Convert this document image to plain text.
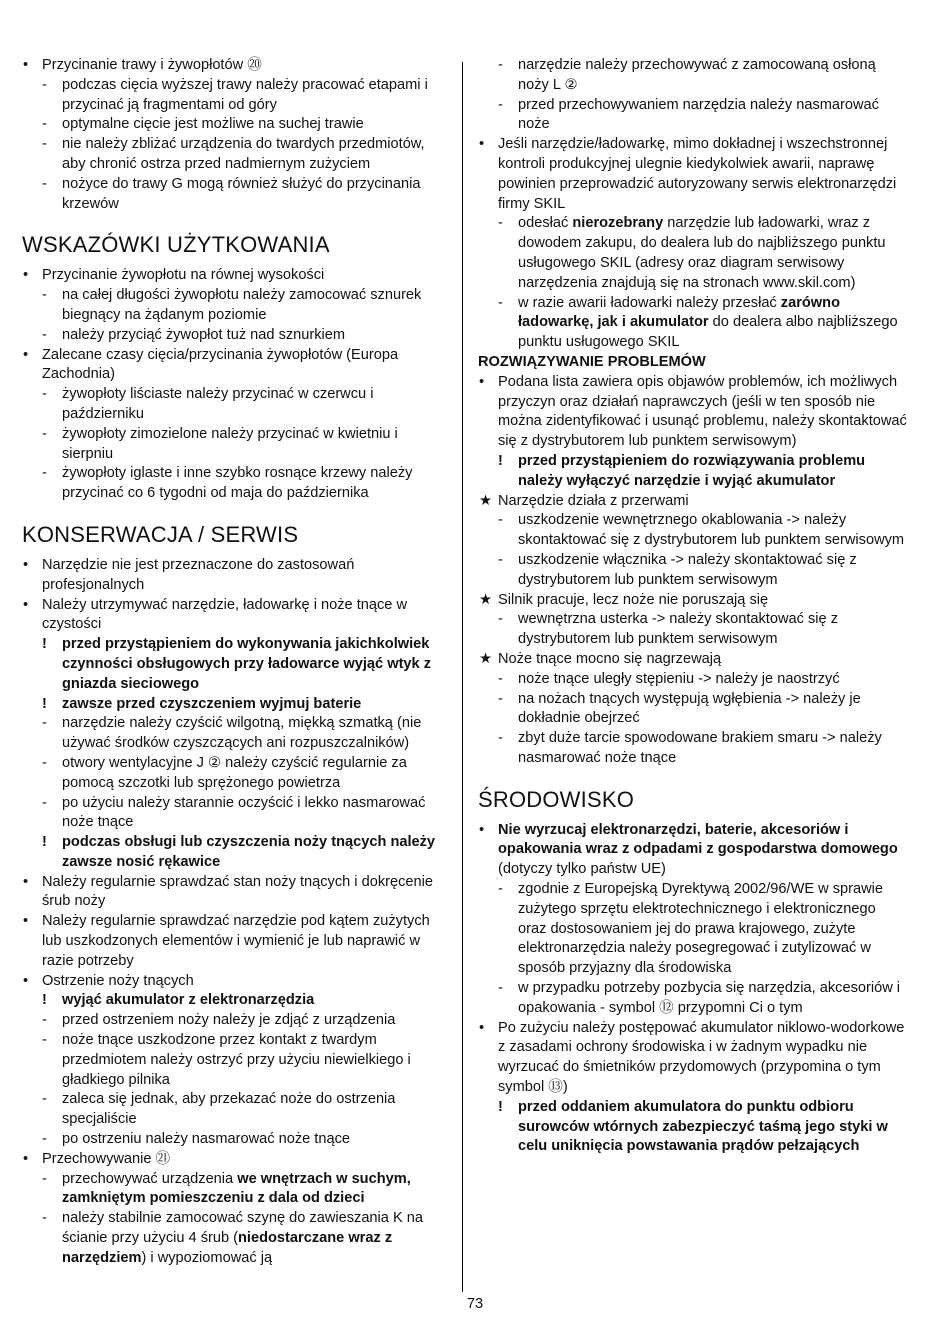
• Przycinanie trawy i żywopłotów ⑳
- podczas cięcia wyższej trawy należy pracować etapami i przycinać ją fragmentami od góry
- optymalne cięcie jest możliwe na suchej trawie
- nie należy zbliżać urządzenia do twardych przedmiotów, aby chronić ostrza przed nadmiernym zużyciem
- nożyce do trawy G mogą również służyć do przycinania krzewów
WSKAZÓWKI UŻYTKOWANIA
• Przycinanie żywopłotu na równej wysokości
- na całej długości żywopłotu należy zamocować sznurek biegnący na żądanym poziomie
- należy przyciąć żywopłot tuż nad sznurkiem
• Zalecane czasy cięcia/przycinania żywopłotów (Europa Zachodnia)
- żywopłoty liściaste należy przycinać w czerwcu i październiku
- żywopłoty zimozielone należy przycinać w kwietniu i sierpniu
- żywopłoty iglaste i inne szybko rosnące krzewy należy przycinać co 6 tygodni od maja do października
KONSERWACJA / SERWIS
• Narzędzie nie jest przeznaczone do zastosowań profesjonalnych
• Należy utrzymywać narzędzie, ładowarkę i noże tnące w czystości
! przed przystąpieniem do wykonywania jakichkolwiek czynności obsługowych przy ładowarce wyjąć wtyk z gniazda sieciowego
! zawsze przed czyszczeniem wyjmuj baterie
- narzędzie należy czyścić wilgotną, miękką szmatką (nie używać środków czyszczących ani rozpuszczalników)
- otwory wentylacyjne J ② należy czyścić regularnie za pomocą szczotki lub sprężonego powietrza
- po użyciu należy starannie oczyścić i lekko nasmarować noże tnące
! podczas obsługi lub czyszczenia noży tnących należy zawsze nosić rękawice
• Należy regularnie sprawdzać stan noży tnących i dokręcenie śrub noży
• Należy regularnie sprawdzać narzędzie pod kątem zużytych lub uszkodzonych elementów i wymienić je lub naprawić w razie potrzeby
• Ostrzenie noży tnących
! wyjąć akumulator z elektronarzędzia
- przed ostrzeniem noży należy je zdjąć z urządzenia
- noże tnące uszkodzone przez kontakt z twardym przedmiotem należy ostrzyć przy użyciu niewielkiego i gładkiego pilnika
- zaleca się jednak, aby przekazać noże do ostrzenia specjaliście
- po ostrzeniu należy nasmarować noże tnące
• Przechowywanie ㉑
- przechowywać urządzenia we wnętrzach w suchym, zamkniętym pomieszczeniu z dala od dzieci
- należy stabilnie zamocować szynę do zawieszania K na ścianie przy użyciu 4 śrub (niedostarczane wraz z narzędziem) i wypoziomować ją
- narzędzie należy przechowywać z zamocowaną osłoną noży L ②
- przed przechowywaniem narzędzia należy nasmarować noże
• Jeśli narzędzie/ładowarkę, mimo dokładnej i wszechstronnej kontroli produkcyjnej ulegnie kiedykolwiek awarii, naprawę powinien przeprowadzić autoryzowany serwis elektronarzędzi firmy SKIL
- odesłać nierozebrany narzędzie lub ładowarki, wraz z dowodem zakupu, do dealera lub do najbliższego punktu usługowego SKIL (adresy oraz diagram serwisowy narzędzenia znajdują się na stronach www.skil.com)
- w razie awarii ładowarki należy przesłać zarówno ładowarkę, jak i akumulator do dealera albo najbliższego punktu usługowego SKIL
ROZWIĄZYWANIE PROBLEMÓW
• Podana lista zawiera opis objawów problemów, ich możliwych przyczyn oraz działań naprawczych (jeśli w ten sposób nie można zidentyfikować i usunąć problemu, należy skontaktować się z dystrybutorem lub punktem serwisowym)
! przed przystąpieniem do rozwiązywania problemu należy wyłączyć narzędzie i wyjąć akumulator
★ Narzędzie działa z przerwami
- uszkodzenie wewnętrznego okablowania -> należy skontaktować się z dystrybutorem lub punktem serwisowym
- uszkodzenie włącznika -> należy skontaktować się z dystrybutorem lub punktem serwisowym
★ Silnik pracuje, lecz noże nie poruszają się
- wewnętrzna usterka -> należy skontaktować się z dystrybutorem lub punktem serwisowym
★ Noże tnące mocno się nagrzewają
- noże tnące uległy stępieniu -> należy je naostrzyć
- na nożach tnących występują wgłębienia -> należy je dokładnie obejrzeć
- zbyt duże tarcie spowodowane brakiem smaru -> należy nasmarować noże tnące
ŚRODOWISKO
• Nie wyrzucaj elektronarzędzi, baterie, akcesoriów i opakowania wraz z odpadami z gospodarstwa domowego (dotyczy tylko państw UE)
- zgodnie z Europejską Dyrektywą 2002/96/WE w sprawie zużytego sprzętu elektrotechnicznego i elektronicznego oraz dostosowaniem jej do prawa krajowego, zużyte elektronarzędzia należy posegregować i zutylizować w sposób przyjazny dla środowiska
- w przypadku potrzeby pozbycia się narzędzia, akcesoriów i opakowania - symbol ⑫ przypomni Ci o tym
• Po zużyciu należy postępować akumulator niklowo-wodorkowe z zasadami ochrony środowiska i w żadnym wypadku nie wyrzucać do śmietników przydomowych (przypomina o tym symbol ⑬)
! przed oddaniem akumulatora do punktu odbioru surowców wtórnych zabezpieczyć taśmą jego styki w celu uniknięcia powstawania prądów pełzających
73
